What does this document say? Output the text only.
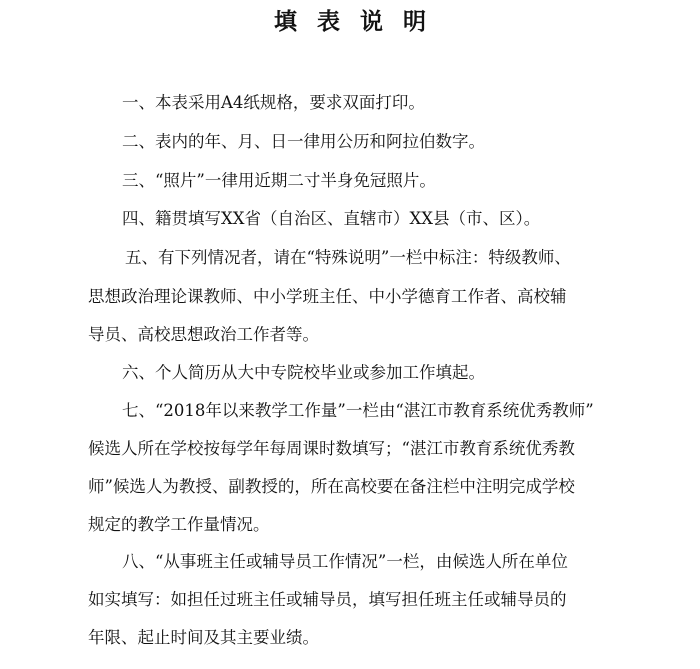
填表说明
一、本表采用A4纸规格，要求双面打印。
二、表内的年、月、日一律用公历和阿拉伯数字。
三、“照片”一律用近期二寸半身免冠照片。
四、籍贯填写XX省（自治区、直辖市）XX县（市、区）。
五、有下列情况者，请在“特殊说明”一栏中标注：特级教师、
思想政治理论课教师、中小学班主任、中小学德育工作者、高校辅
导员、高校思想政治工作者等。
六、个人简历从大中专院校毕业或参加工作填起。
七、“2018年以来教学工作量”一栏由“湛江市教育系统优秀教师”
候选人所在学校按每学年每周课时数填写；“湛江市教育系统优秀教
师”候选人为教授、副教授的，所在高校要在备注栏中注明完成学校
规定的教学工作量情况。
八、“从事班主任或辅导员工作情况”一栏，由候选人所在单位
如实填写：如担任过班主任或辅导员，填写担任班主任或辅导员的
年限、起止时间及其主要业绩。
